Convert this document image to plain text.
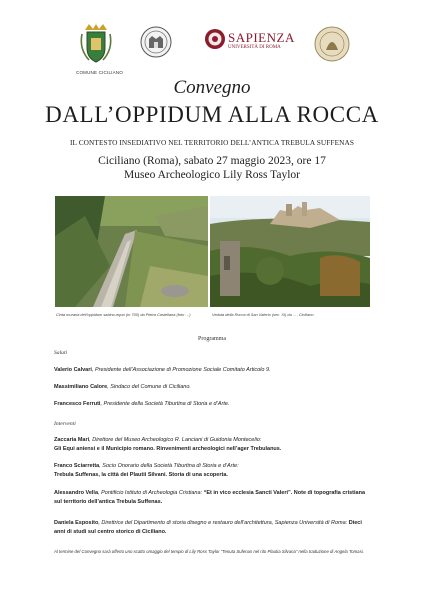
COMUNE CICILIANO
SAPIENZA
UNIVERSITÀ DI ROMA
Convegno
DALL’OPPIDUM ALLA ROCCA
IL CONTESTO INSEDIATIVO NEL TERRITORIO DELL’ANTICA TREBULA SUFFENAS
Ciciliano (Roma), sabato 27 maggio 2023, ore 17
Museo Archeologico Lily Ross Taylor
Cinta muraria dell’oppidum sabino-equo (m 700) da Pietra Castellana (foto …)	Veduta della Rocca di San Valerio (sec. XI) da …, Ciciliano
Programma
Saluti
Valerio Calvari, Presidente dell’Associazione di Promozione Sociale Comitato Articolo 9.
Massimiliano Calore, Sindaco del Comune di Ciciliano.
Francesco Ferruti, Presidente della Società Tiburtina di Storia e d’Arte.
Interventi
Zaccaria Mari, Direttore del Museo Archeologico R. Lanciani di Guidonia Montecelio:
Gli Equi aniensi e il Municipio romano. Rinvenimenti archeologici nell’ager Trebulanus.
Franco Sciarretta, Socio Onorario della Società Tiburtina di Storia e d’Arte:
Trebula Suffenas, la città dei Plautii Silvani. Storia di una scoperta.
Alessandro Vella, Pontificio Istituto di Archeologia Cristiana: “Et in vico ecclesia Sancti Valeri”. Note di topografia cristiana sul territorio dell’antica Trebula Suffenas.
Daniela Esposito, Direttrice del Dipartimento di storia disegno e restauro dell’architettura, Sapienza Università di Roma: Dieci anni di studi sul centro storico di Ciciliano.
Al termine del Convegno sarà offerto uno scatto omaggio del tempio di Lily Ross Taylor “Tenuta Sufenas nel rito Plautia Silvana” nella traduzione di Angela Tomasi.
